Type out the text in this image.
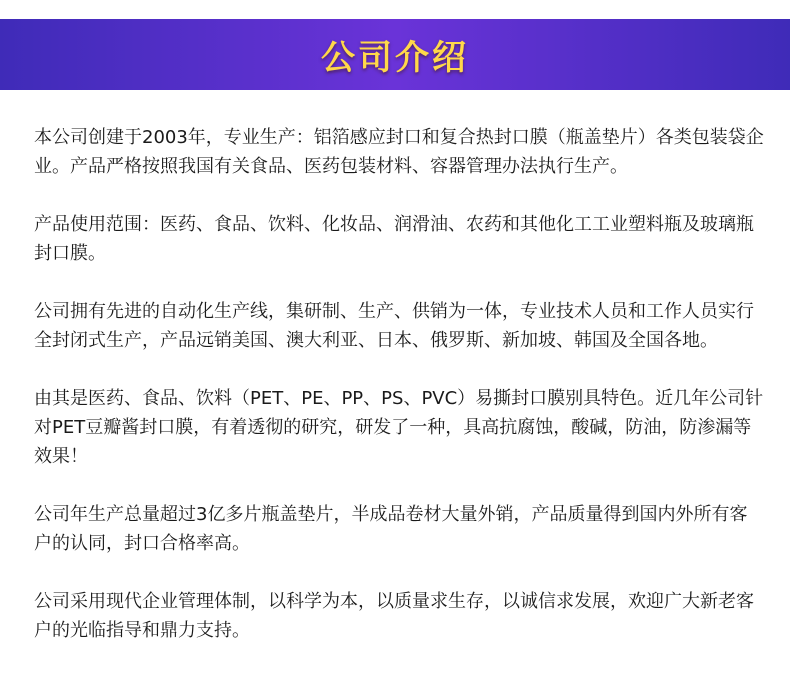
公司介绍

本公司创建于2003年，专业生产：铝箔感应封口和复合热封口膜（瓶盖垫片）各类包装袋企业。产品严格按照我国有关食品、医药包装材料、容器管理办法执行生产。

产品使用范围：医药、食品、饮料、化妆品、润滑油、农药和其他化工工业塑料瓶及玻璃瓶封口膜。

公司拥有先进的自动化生产线，集研制、生产、供销为一体，专业技术人员和工作人员实行全封闭式生产，产品远销美国、澳大利亚、日本、俄罗斯、新加坡、韩国及全国各地。

由其是医药、食品、饮料（PET、PE、PP、PS、PVC）易撕封口膜别具特色。近几年公司针对PET豆瓣酱封口膜，有着透彻的研究，研发了一种，具高抗腐蚀，酸碱，防油，防渗漏等效果！

公司年生产总量超过3亿多片瓶盖垫片，半成品卷材大量外销，产品质量得到国内外所有客户的认同，封口合格率高。

公司采用现代企业管理体制，以科学为本，以质量求生存，以诚信求发展，欢迎广大新老客户的光临指导和鼎力支持。
